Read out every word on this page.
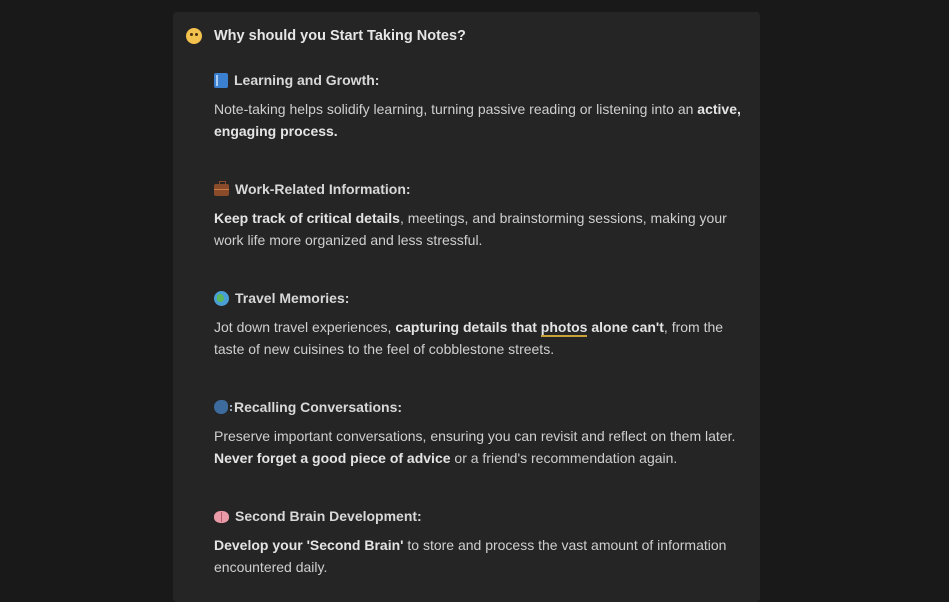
Why should you Start Taking Notes?
Learning and Growth:
Note-taking helps solidify learning, turning passive reading or listening into an active, engaging process.
Work-Related Information:
Keep track of critical details, meetings, and brainstorming sessions, making your work life more organized and less stressful.
Travel Memories:
Jot down travel experiences, capturing details that photos alone can't, from the taste of new cuisines to the feel of cobblestone streets.
Recalling Conversations:
Preserve important conversations, ensuring you can revisit and reflect on them later. Never forget a good piece of advice or a friend's recommendation again.
Second Brain Development:
Develop your 'Second Brain' to store and process the vast amount of information encountered daily.
